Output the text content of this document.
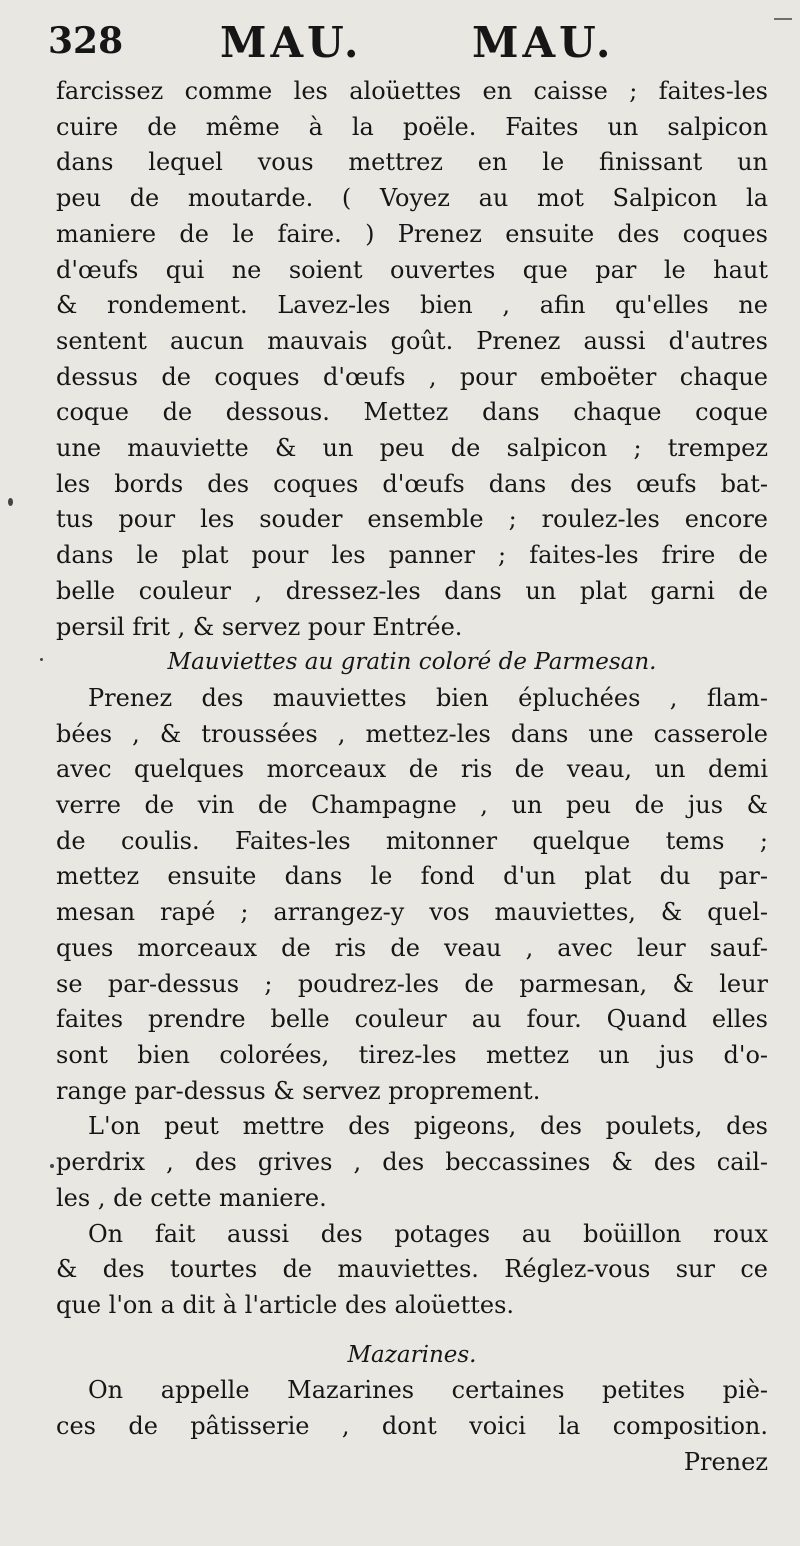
328 MAU.	MAU.
farcissez comme les aloüettes en caisse ; faites-les
cuire de même à la poële. Faites un salpicon
dans lequel vous mettrez en le finissant un
peu de moutarde. ( Voyez au mot Salpicon la
maniere de le faire. ) Prenez ensuite des coques
d'œufs qui ne soient ouvertes que par le haut
& rondement. Lavez-les bien , afin qu'elles ne
sentent aucun mauvais goût. Prenez aussi d'autres
dessus de coques d'œufs , pour emboëter chaque
coque de dessous. Mettez dans chaque coque
une mauviette & un peu de salpicon ; trempez
les bords des coques d'œufs dans des œufs bat-
tus pour les souder ensemble ; roulez-les encore
dans le plat pour les panner ; faites-les frire de
belle couleur , dressez-les dans un plat garni de
persil frit , & servez pour Entrée.
Mauviettes au gratin coloré de Parmesan.
Prenez des mauviettes bien épluchées , flam-
bées , & troussées , mettez-les dans une casserole
avec quelques morceaux de ris de veau, un demi
verre de vin de Champagne , un peu de jus &
de coulis. Faites-les mitonner quelque tems ;
mettez ensuite dans le fond d'un plat du par-
mesan rapé ; arrangez-y vos mauviettes, & quel-
ques morceaux de ris de veau , avec leur sauf-
se par-dessus ; poudrez-les de parmesan, & leur
faites prendre belle couleur au four. Quand elles
sont bien colorées, tirez-les mettez un jus d'o-
range par-dessus & servez proprement.
L'on peut mettre des pigeons, des poulets, des
perdrix , des grives , des beccassines & des cail-
les , de cette maniere.
On fait aussi des potages au boüillon roux
& des tourtes de mauviettes. Réglez-vous sur ce
que l'on a dit à l'article des aloüettes.
Mazarines.
On appelle Mazarines certaines petites piè-
ces de pâtisserie , dont voici la composition.
Prenez
